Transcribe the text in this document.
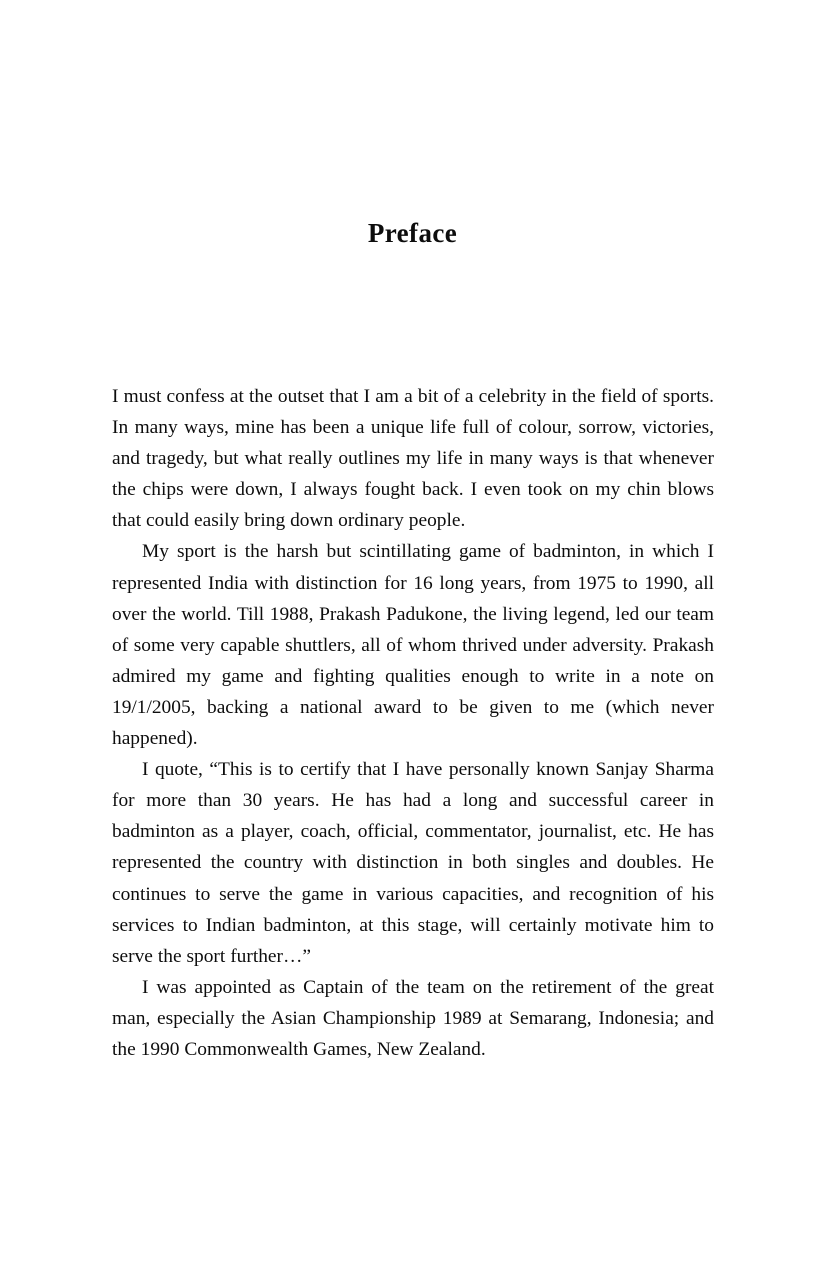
Preface

I must confess at the outset that I am a bit of a celebrity in the field of sports. In many ways, mine has been a unique life full of colour, sorrow, victories, and tragedy, but what really outlines my life in many ways is that whenever the chips were down, I always fought back. I even took on my chin blows that could easily bring down ordinary people.

My sport is the harsh but scintillating game of badminton, in which I represented India with distinction for 16 long years, from 1975 to 1990, all over the world. Till 1988, Prakash Padukone, the living legend, led our team of some very capable shuttlers, all of whom thrived under adversity. Prakash admired my game and fighting qualities enough to write in a note on 19/1/2005, backing a national award to be given to me (which never happened).

I quote, “This is to certify that I have personally known Sanjay Sharma for more than 30 years. He has had a long and successful career in badminton as a player, coach, official, commentator, journalist, etc. He has represented the country with distinction in both singles and doubles. He continues to serve the game in various capacities, and recognition of his services to Indian badminton, at this stage, will certainly motivate him to serve the sport further…”

I was appointed as Captain of the team on the retirement of the great man, especially the Asian Championship 1989 at Semarang, Indonesia; and the 1990 Commonwealth Games, New Zealand.
